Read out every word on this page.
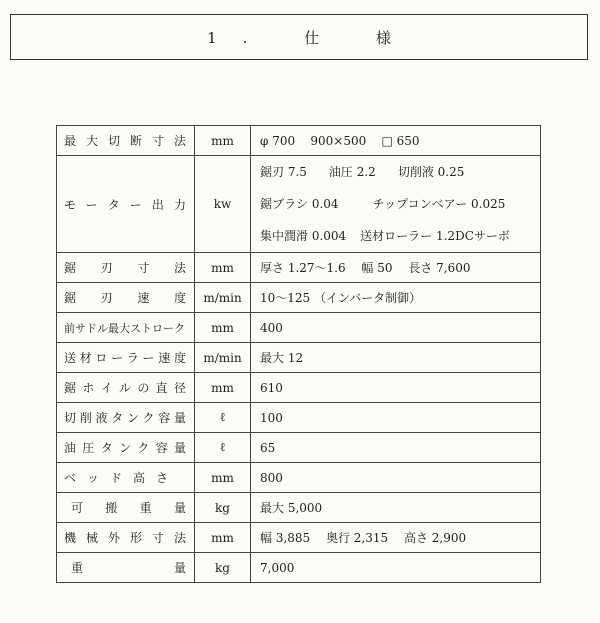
1. 仕 様
最大切断寸法	mm	φ 700    900×500    □ 650
モーター出力	kw	鋸刃 7.5 油圧 2.2 切削液 0.25
鋸ブラシ 0.04 チップコンベアー 0.025
集中潤滑 0.004 送材ローラー 1.2DCサーボ

鋸刃寸法	mm	厚さ 1.27～1.6　 幅 50　 長さ 7,600
鋸刃速度	m/min	10～125 （インバータ制御）
前サドル最大ストローク	mm	400
送材ローラー速度	m/min	最大 12
鋸ホイルの直径	mm	610
切削液タンク容量	ℓ	100
油圧タンク容量	ℓ	65
ベッド高さ	mm	800
可搬重量	kg	最大 5,000
機械外形寸法	mm	幅 3,885　 奥行 2,315　 高さ 2,900
重量	kg	7,000
